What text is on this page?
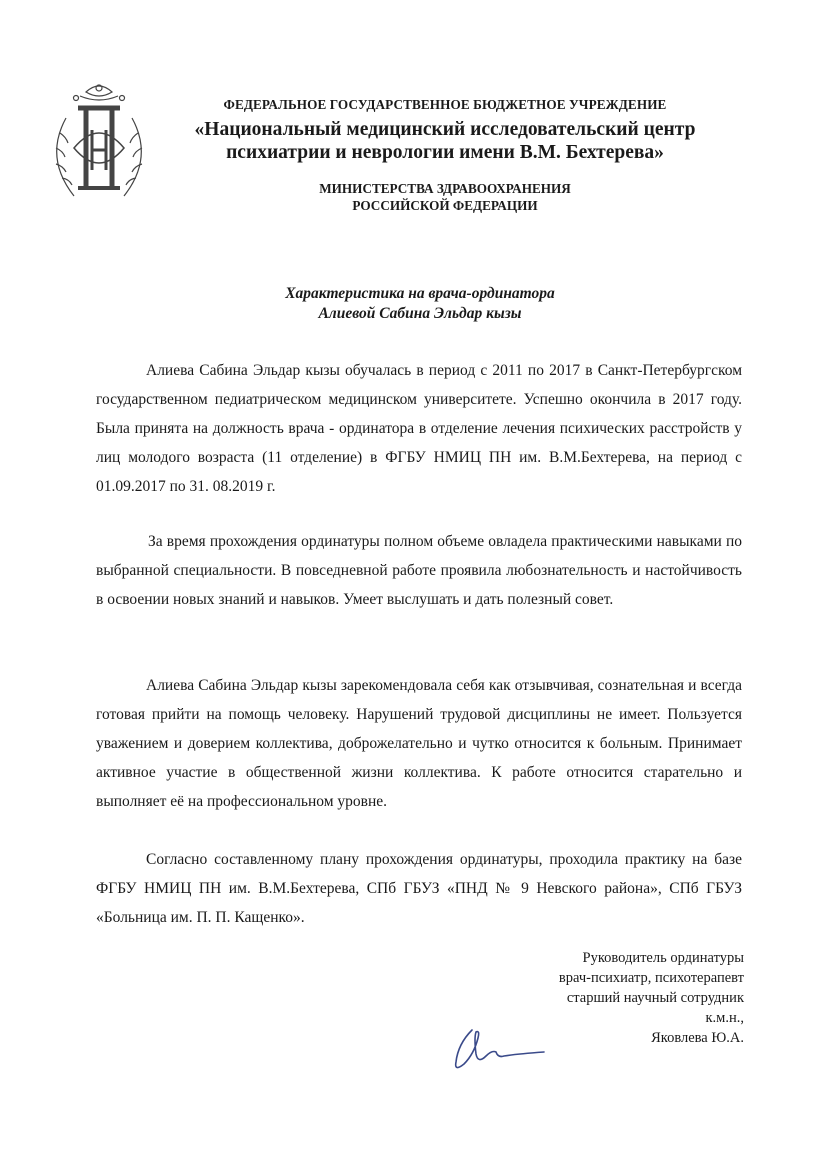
ФЕДЕРАЛЬНОЕ ГОСУДАРСТВЕННОЕ БЮДЖЕТНОЕ УЧРЕЖДЕНИЕ
«Национальный медицинский исследовательский центр
психиатрии и неврологии имени В.М. Бехтерева»
МИНИСТЕРСТВА ЗДРАВООХРАНЕНИЯ
РОССИЙСКОЙ ФЕДЕРАЦИИ
Характеристика на врача-ординатора
Алиевой Сабина Эльдар кызы

Алиева Сабина Эльдар кызы обучалась в период с 2011 по 2017 в Санкт-Петербургском государственном педиатрическом медицинском университете. Успешно окончила в 2017 году. Была принята на должность врача - ординатора в отделение лечения психических расстройств у лиц молодого возраста (11 отделение) в ФГБУ НМИЦ ПН им. В.М.Бехтерева, на период с 01.09.2017 по 31. 08.2019 г.

За время прохождения ординатуры полном объеме овладела практическими навыками по выбранной специальности. В повседневной работе проявила любознательность и настойчивость в освоении новых знаний и навыков. Умеет выслушать и дать полезный совет.

Алиева Сабина Эльдар кызы зарекомендовала себя как отзывчивая, сознательная и всегда готовая прийти на помощь человеку. Нарушений трудовой дисциплины не имеет. Пользуется уважением и доверием коллектива, доброжелательно и чутко относится к больным. Принимает активное участие в общественной жизни коллектива. К работе относится старательно и выполняет её на профессиональном уровне.

Согласно составленному плану прохождения ординатуры, проходила практику на базе ФГБУ НМИЦ ПН им. В.М.Бехтерева, СПб ГБУЗ «ПНД № 9 Невского района», СПб ГБУЗ «Больница им. П. П. Кащенко».

Руководитель ординатуры
врач-психиатр, психотерапевт
старший научный сотрудник
к.м.н.,
Яковлева Ю.А.
